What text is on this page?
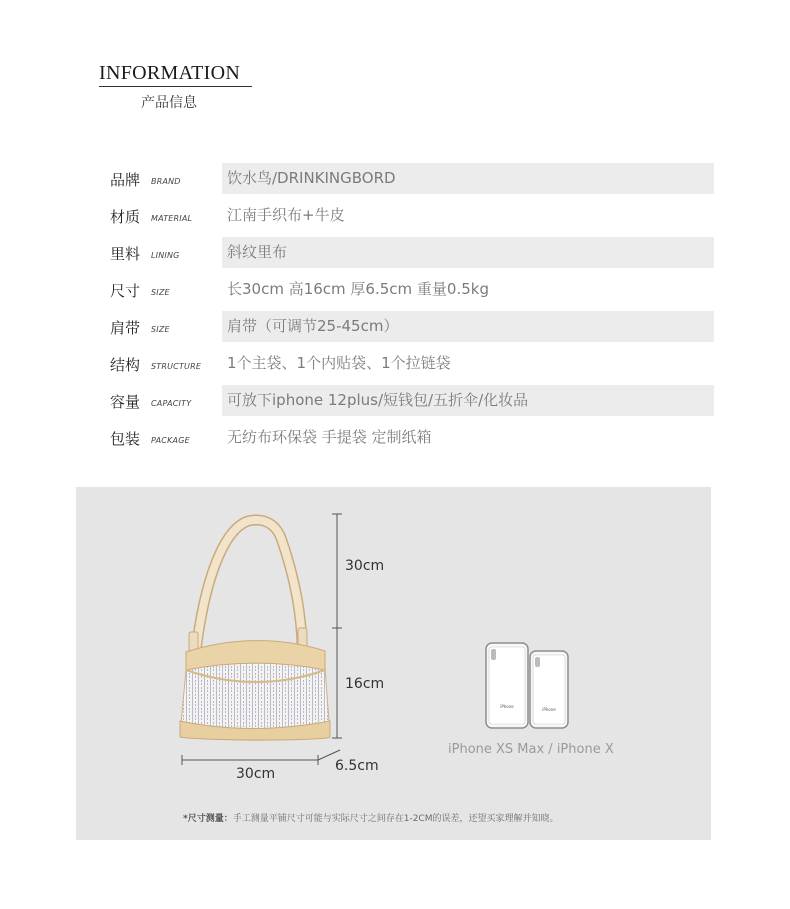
INFORMATION
产品信息
品牌 BRAND	饮水鸟/DRINKINGBORD
材质 MATERIAL	江南手织布+牛皮
里料 LINING	斜纹里布
尺寸 SIZE	长30cm 高16cm 厚6.5cm 重量0.5kg
肩带 SIZE	肩带（可调节25-45cm）
结构 STRUCTURE	1个主袋、1个内贴袋、1个拉链袋
容量 CAPACITY	可放下iphone 12plus/短钱包/五折伞/化妆品
包装 PACKAGE	无纺布环保袋 手提袋 定制纸箱
iPhone
iPhone
30cm
16cm
30cm	6.5cm
iPhone XS Max / iPhone X
*尺寸测量：手工测量平铺尺寸可能与实际尺寸之间存在1-2CM的误差，还望买家理解并知晓。
